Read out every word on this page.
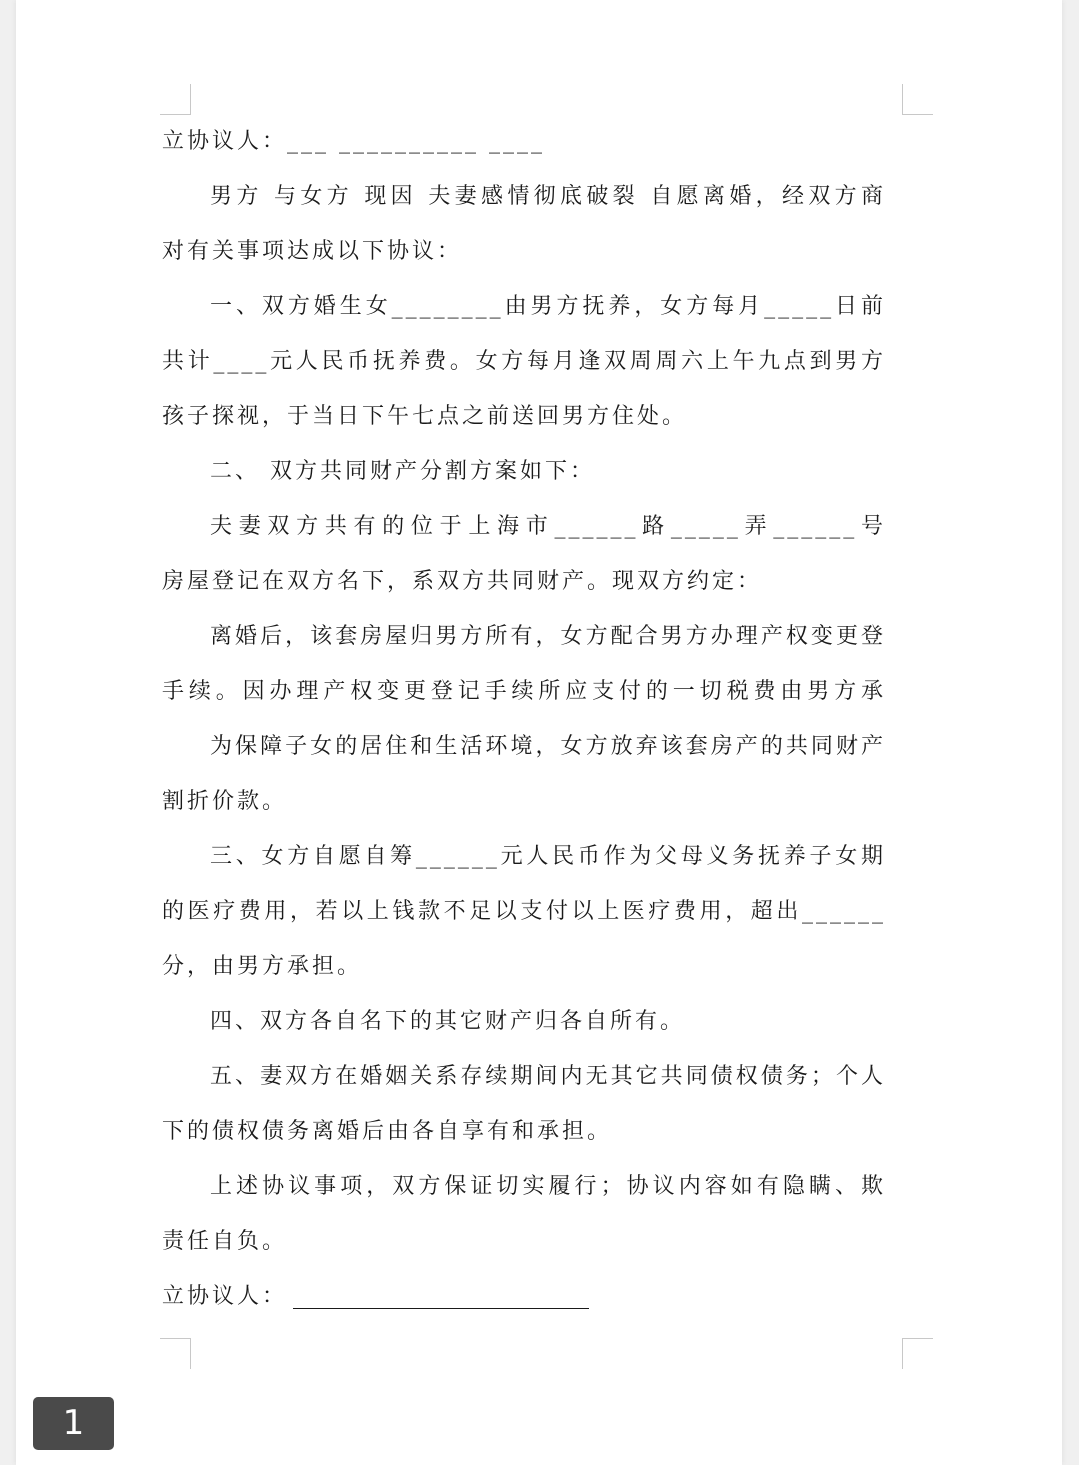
立协议人：___ __________ ____
男方 与女方 现因 夫妻感情彻底破裂 自愿离婚，经双方商
对有关事项达成以下协议：
一、双方婚生女________由男方抚养，女方每月_____日前
共计____元人民币抚养费。女方每月逢双周周六上午九点到男方
孩子探视，于当日下午七点之前送回男方住处。
二、 双方共同财产分割方案如下：
夫妻双方共有的位于上海市______路_____弄______号
房屋登记在双方名下，系双方共同财产。现双方约定：
离婚后，该套房屋归男方所有，女方配合男方办理产权变更登
手续。因办理产权变更登记手续所应支付的一切税费由男方承
为保障子女的居住和生活环境，女方放弃该套房产的共同财产
割折价款。
三、女方自愿自筹______元人民币作为父母义务抚养子女期
的医疗费用，若以上钱款不足以支付以上医疗费用，超出______
分，由男方承担。
四、双方各自名下的其它财产归各自所有。
五、妻双方在婚姻关系存续期间内无其它共同债权债务；个人
下的债权债务离婚后由各自享有和承担。
上述协议事项，双方保证切实履行；协议内容如有隐瞒、欺
责任自负。
立协议人：
1
